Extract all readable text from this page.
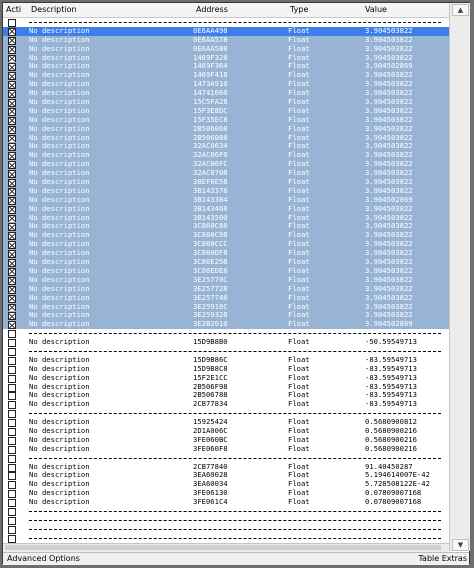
Acti Description	Address	Type	Value
No description	0E6AA498	Float	3.904503822
No description	0E6AA578	Float	3.904503822
No description	0E6AA588	Float	3.904503822
No description	1469F328	Float	3.904503822
No description	1469F364	Float	3.904502869
No description	1469F418	Float	3.904503822
No description	1473A910	Float	3.904503822
No description	14741060	Float	3.904503822
No description	15C5FA28	Float	3.904503822
No description	15F3E8DC	Float	3.904503822
No description	15F35EC8	Float	3.904503822
No description	2B506068	Float	3.904503822
No description	2B506088	Float	3.904503822
No description	32AC0634	Float	3.904503822
No description	32AC06F0	Float	3.904503822
No description	32AC06FC	Float	3.904503822
No description	32AC0708	Float	3.904503822
No description	38EF6E58	Float	3.904503822
No description	3B143378	Float	3.904503822
No description	3B143384	Float	3.904502869
No description	3B143468	Float	3.904503822
No description	3B143500	Float	3.904503822
No description	3C860C88	Float	3.904503822
No description	3C860C98	Float	3.904503822
No description	3C860CCC	Float	3.904503822
No description	3C860DF8	Float	3.904503822
No description	3C86E258	Float	3.904503822
No description	3C86EDE8	Float	3.904503822
No description	3E25770C	Float	3.904503822
No description	3E257728	Float	3.904503822
No description	3E257748	Float	3.904503822
No description	3E25910C	Float	3.904503822
No description	3E259328	Float	3.904503822
No description	3E2B2010	Float	3.904502869
No description	15D9B8B0	Float	-50.59549713
No description	15D9B86C	Float	-83.59549713
No description	15D9B8C8	Float	-83.59549713
No description	15F2E1CC	Float	-83.59549713
No description	2B506F98	Float	-83.59549713
No description	2B506788	Float	-83.59549713
No description	2CB77834	Float	-83.59549713
No description	15925424	Float	0.5680900812
No description	2D1A006C	Float	0.5680900216
No description	3FE060BC	Float	0.5680900216
No description	3FE060F8	Float	0.5680900216
No description	2CB77840	Float	91.40450287
No description	3EA60028	Float	5.194614007E-42
No description	3EA60034	Float	5.728508122E-42
No description	3FE06130	Float	0.07809007168
No description	3FE061C4	Float	0.07809007168
▲
▼
Advanced Options	Table Extras
